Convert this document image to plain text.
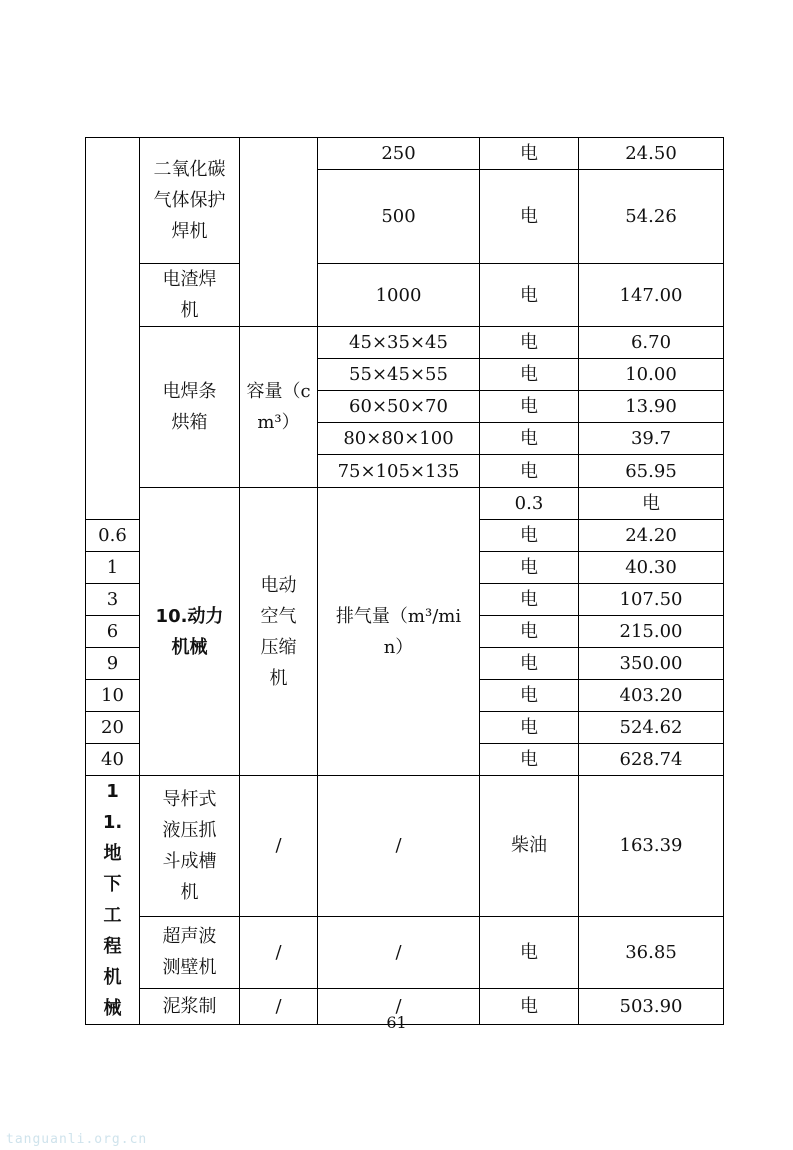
	二氧化碳气体保护焊机		250	电	24.50	
			500	电	54.26	
	电渣焊机		1000	电	147.00	
	电焊条烘箱	容量（cm³）	45×35×45	电	6.70	
			55×45×55	电	10.00	
			60×50×70	电	13.90	
			80×80×100	电	39.7	
			75×105×135	电	65.95	
	10.动力机械	电动空气压缩机	排气量（m³/min）	0.3	电	
0.6				电	24.20	
1				电	40.30	
3				电	107.50	
6				电	215.00	
9				电	350.00	
10				电	403.20	
20				电	524.62	
40				电	628.74	
11.地下工程机械	导杆式液压抓斗成槽机	/	/	柴油	163.39	
	超声波测壁机	/	/	电	36.85	
	泥浆制	/	/	电	503.90	
61
tanguanli.org.cn
